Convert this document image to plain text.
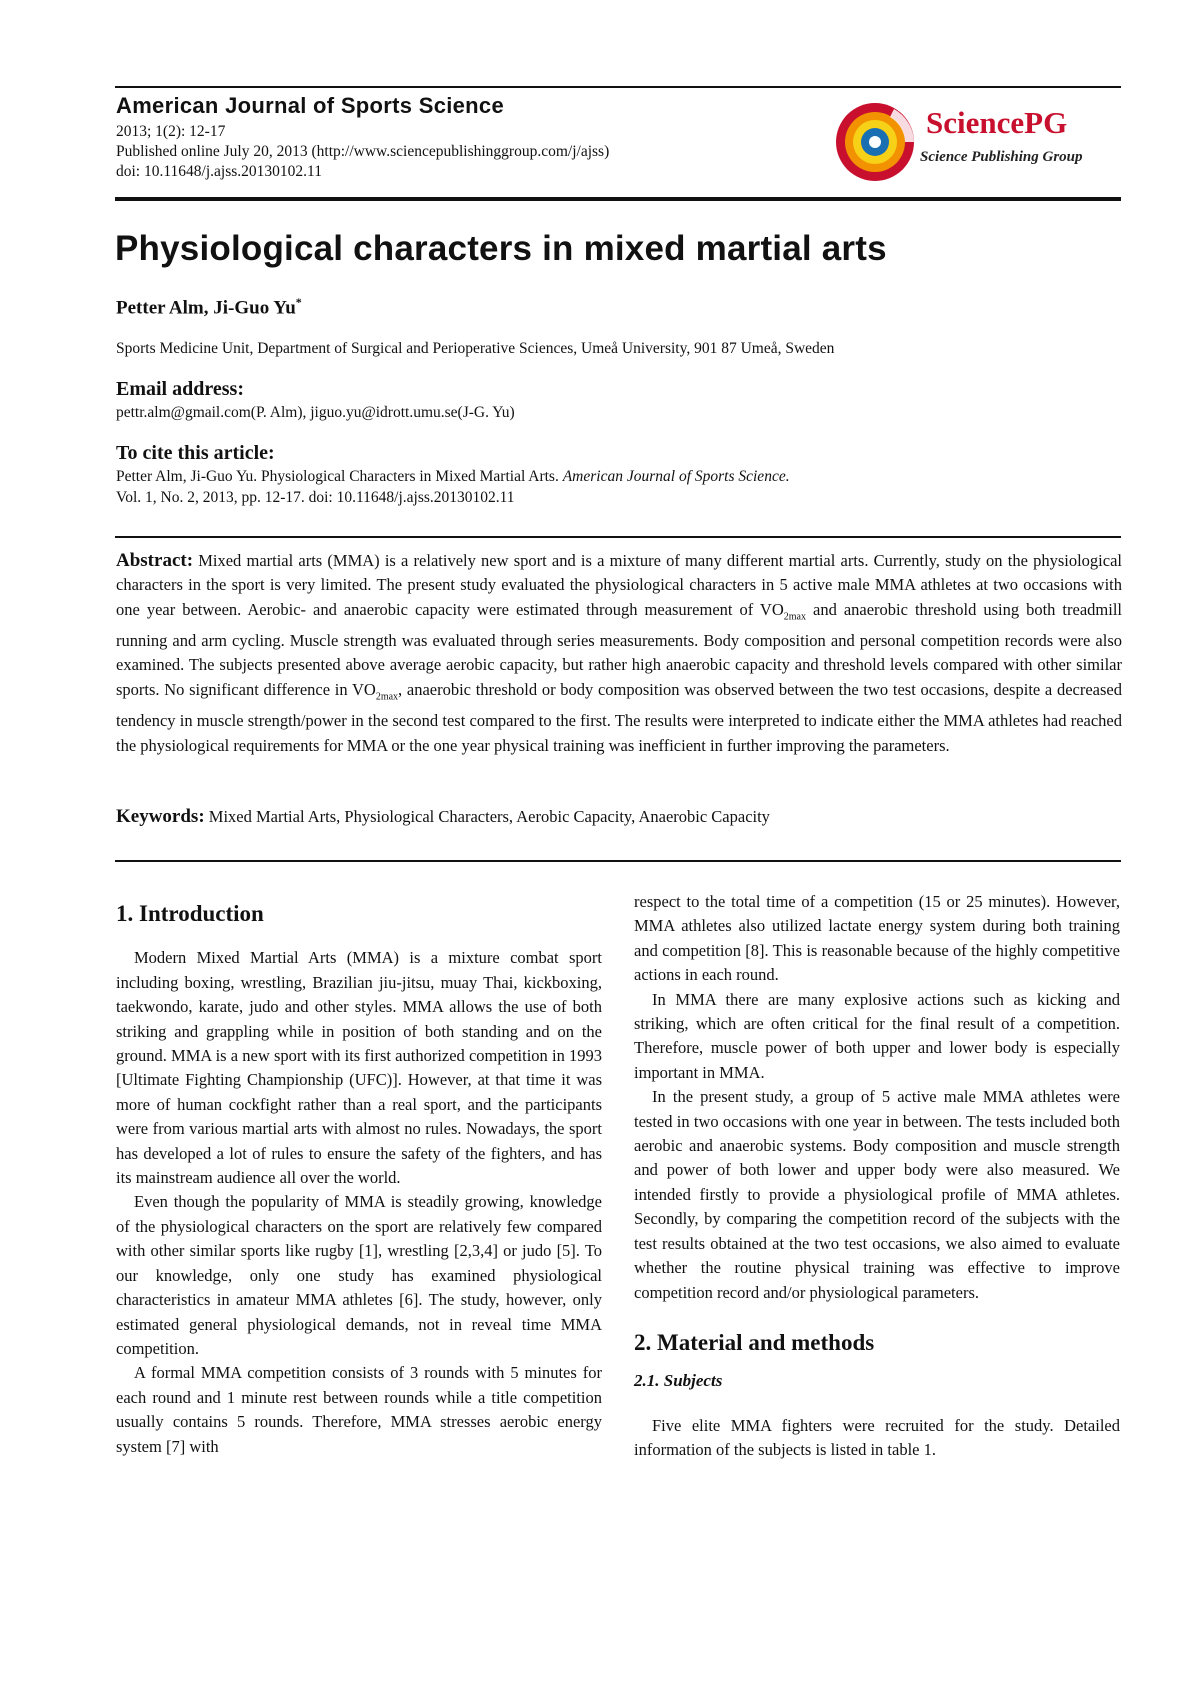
American Journal of Sports Science
2013; 1(2): 12-17
Published online July 20, 2013 (http://www.sciencepublishinggroup.com/j/ajss)
doi: 10.11648/j.ajss.20130102.11
SciencePG
Science Publishing Group
Physiological characters in mixed martial arts
Petter Alm, Ji-Guo Yu*
Sports Medicine Unit, Department of Surgical and Perioperative Sciences, Umeå University, 901 87 Umeå, Sweden
Email address:
pettr.alm@gmail.com(P. Alm), jiguo.yu@idrott.umu.se(J-G. Yu)
To cite this article:
Petter Alm, Ji-Guo Yu. Physiological Characters in Mixed Martial Arts. American Journal of Sports Science.
Vol. 1, No. 2, 2013, pp. 12-17. doi: 10.11648/j.ajss.20130102.11

Abstract: Mixed martial arts (MMA) is a relatively new sport and is a mixture of many different martial arts. Currently, study on the physiological characters in the sport is very limited. The present study evaluated the physiological characters in 5 active male MMA athletes at two occasions with one year between. Aerobic- and anaerobic capacity were estimated through measurement of $VO_{2max}$ and anaerobic threshold using both treadmill running and arm cycling. Muscle strength was evaluated through series measurements. Body composition and personal competition records were also examined. The subjects presented above average aerobic capacity, but rather high anaerobic capacity and threshold levels compared with other similar sports. No significant difference in $VO_{2max}$, anaerobic threshold or body composition was observed between the two test occasions, despite a decreased tendency in muscle strength/power in the second test compared to the first. The results were interpreted to indicate either the MMA athletes had reached the physiological requirements for MMA or the one year physical training was inefficient in further improving the parameters.

Keywords: Mixed Martial Arts, Physiological Characters, Aerobic Capacity, Anaerobic Capacity
1. Introduction

Modern Mixed Martial Arts (MMA) is a mixture combat sport including boxing, wrestling, Brazilian jiu-jitsu, muay Thai, kickboxing, taekwondo, karate, judo and other styles. MMA allows the use of both striking and grappling while in position of both standing and on the ground. MMA is a new sport with its first authorized competition in 1993 [Ultimate Fighting Championship (UFC)]. However, at that time it was more of human cockfight rather than a real sport, and the participants were from various martial arts with almost no rules. Nowadays, the sport has developed a lot of rules to ensure the safety of the fighters, and has its mainstream audience all over the world.

Even though the popularity of MMA is steadily growing, knowledge of the physiological characters on the sport are relatively few compared with other similar sports like rugby [1], wrestling [2,3,4] or judo [5]. To our knowledge, only one study has examined physiological characteristics in amateur MMA athletes [6]. The study, however, only estimated general physiological demands, not in reveal time MMA competition.

A formal MMA competition consists of 3 rounds with 5 minutes for each round and 1 minute rest between rounds while a title competition usually contains 5 rounds. Therefore, MMA stresses aerobic energy system [7] with

respect to the total time of a competition (15 or 25 minutes). However, MMA athletes also utilized lactate energy system during both training and competition [8]. This is reasonable because of the highly competitive actions in each round.

In MMA there are many explosive actions such as kicking and striking, which are often critical for the final result of a competition. Therefore, muscle power of both upper and lower body is especially important in MMA.

In the present study, a group of 5 active male MMA athletes were tested in two occasions with one year in between. The tests included both aerobic and anaerobic systems. Body composition and muscle strength and power of both lower and upper body were also measured. We intended firstly to provide a physiological profile of MMA athletes. Secondly, by comparing the competition record of the subjects with the test results obtained at the two test occasions, we also aimed to evaluate whether the routine physical training was effective to improve competition record and/or physiological parameters.

2. Material and methods
2.1. Subjects

Five elite MMA fighters were recruited for the study. Detailed information of the subjects is listed in table 1.
